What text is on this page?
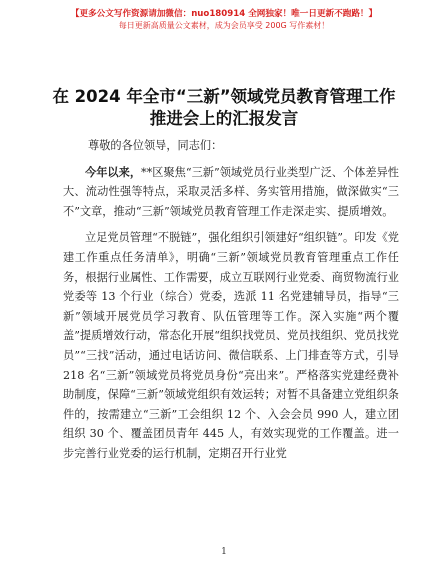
【更多公文写作资源请加微信：nuo180914 全网独家！唯一日更新不跑路！】
每日更新高质量公文素材，成为会员享受 200G 写作素材！
在 2024 年全市“三新”领域党员教育管理工作
推进会上的汇报发言

尊敬的各位领导，同志们：

今年以来，**区聚焦“三新”领域党员行业类型广泛、个体差异性大、流动性强等特点，采取灵活多样、务实管用措施，做深做实“三不”文章，推动“三新”领域党员教育管理工作走深走实、提质增效。

立足党员管理“不脱链”，强化组织引领建好“组织链”。印发《党建工作重点任务清单》，明确“三新”领域党员教育管理重点工作任务，根据行业属性、工作需要，成立互联网行业党委、商贸物流行业党委等 13 个行业（综合）党委，选派 11 名党建辅导员，指导“三新”领域开展党员学习教育、队伍管理等工作。深入实施“两个覆盖”提质增效行动，常态化开展“组织找党员、党员找组织、党员找党员”“三找”活动，通过电话访问、微信联系、上门排查等方式，引导 218 名“三新”领域党员将党员身份“亮出来”。严格落实党建经费补助制度，保障“三新”领域党组织有效运转；对暂不具备建立党组织条件的，按需建立“三新”工会组织 12 个、入会会员 990 人，建立团组织 30 个、覆盖团员青年 445 人，有效实现党的工作覆盖。进一步完善行业党委的运行机制，定期召开行业党

1
